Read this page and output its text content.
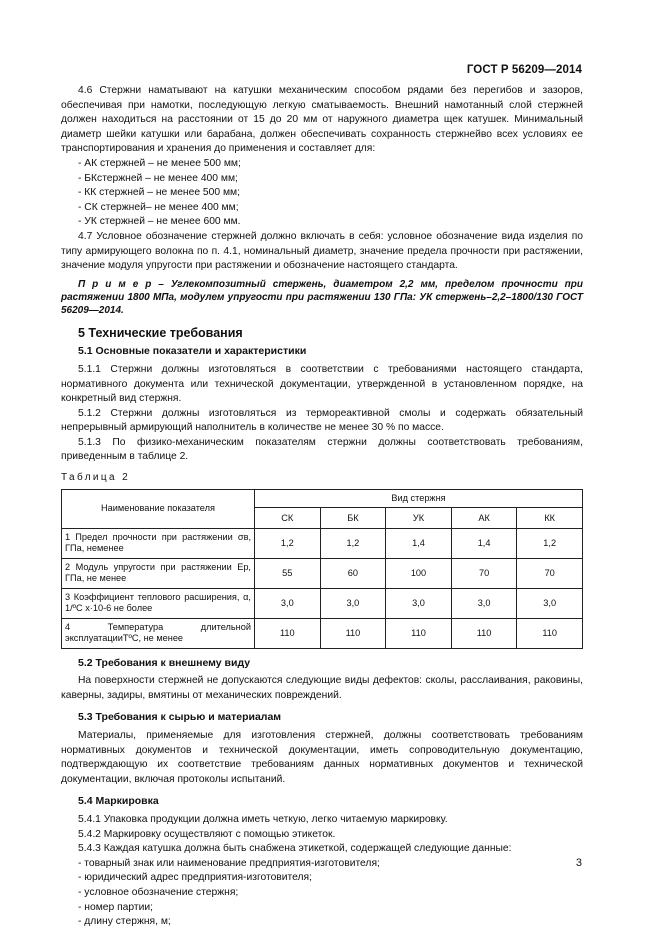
ГОСТ Р 56209—2014

4.6 Стержни наматывают на катушки механическим способом рядами без перегибов и зазоров, обеспечивая при намотки, последующую легкую сматываемость. Внешний намотанный слой стержней должен находиться на расстоянии от 15 до 20 мм от наружного диаметра щек катушек. Минимальный диаметр шейки катушки или барабана, должен обеспечивать сохранность стержнейво всех условиях ее транспортирования и хранения до применения и составляет для:

- АК стержней – не менее 500 мм;

- БКстержней – не менее 400 мм;

- КК стержней – не менее 500 мм;

- СК стержней– не менее 400 мм;

- УК стержней – не менее 600 мм.

4.7 Условное обозначение стержней должно включать в себя: условное обозначение вида изделия по типу армирующего волокна по п. 4.1, номинальный диаметр, значение предела прочности при растяжении, значение модуля упругости при растяжении и обозначение настоящего стандарта.

П р и м е р – Углекомпозитный стержень, диаметром 2,2 мм, пределом прочности при растяжении 1800 МПа, модулем упругости при растяжении 130 ГПа: УК стержень–2,2–1800/130 ГОСТ 56209—2014.

5 Технические требования
5.1 Основные показатели и характеристики

5.1.1 Стержни должны изготовляться в соответствии с требованиями настоящего стандарта, нормативного документа или технической документации, утвержденной в установленном порядке, на конкретный вид стержня.

5.1.2 Стержни должны изготовляться из термореактивной смолы и содержать обязательный непрерывный армирующий наполнитель в количестве не менее 30 % по массе.

5.1.3 По физико-механическим показателям стержни должны соответствовать требованиям, приведенным в таблице 2.

Таблица 2
Наименование показателя	Вид стержня				
	СК	БК	УК	АК	КК
1 Предел прочности при растяжении σв, ГПа, неменее	1,2	1,2	1,4	1,4	1,2
2 Модуль упругости при растяжении Eр, ГПа, не менее	55	60	100	70	70
3 Коэффициент теплового расширения, α, 1/ºC x·10-6 не более	3,0	3,0	3,0	3,0	3,0
4 Температура длительной эксплуатацииТºC, не менее	110	110	110	110	110
5.2 Требования к внешнему виду

На поверхности стержней не допускаются следующие виды дефектов: сколы, расслаивания, раковины, каверны, задиры, вмятины от механических повреждений.

5.3 Требования к сырью и материалам

Материалы, применяемые для изготовления стержней, должны соответствовать требованиям нормативных документов и технической документации, иметь сопроводительную документацию, подтверждающую их соответствие требованиям данных нормативных документов и технической документации, включая протоколы испытаний.

5.4 Маркировка

5.4.1 Упаковка продукции должна иметь четкую, легко читаемую маркировку.

5.4.2 Маркировку осуществляют с помощью этикеток.

5.4.3 Каждая катушка должна быть снабжена этикеткой, содержащей следующие данные:

- товарный знак или наименование предприятия-изготовителя;

- юридический адрес предприятия-изготовителя;

- условное обозначение стержня;

- номер партии;

- длину стержня, м;

3
